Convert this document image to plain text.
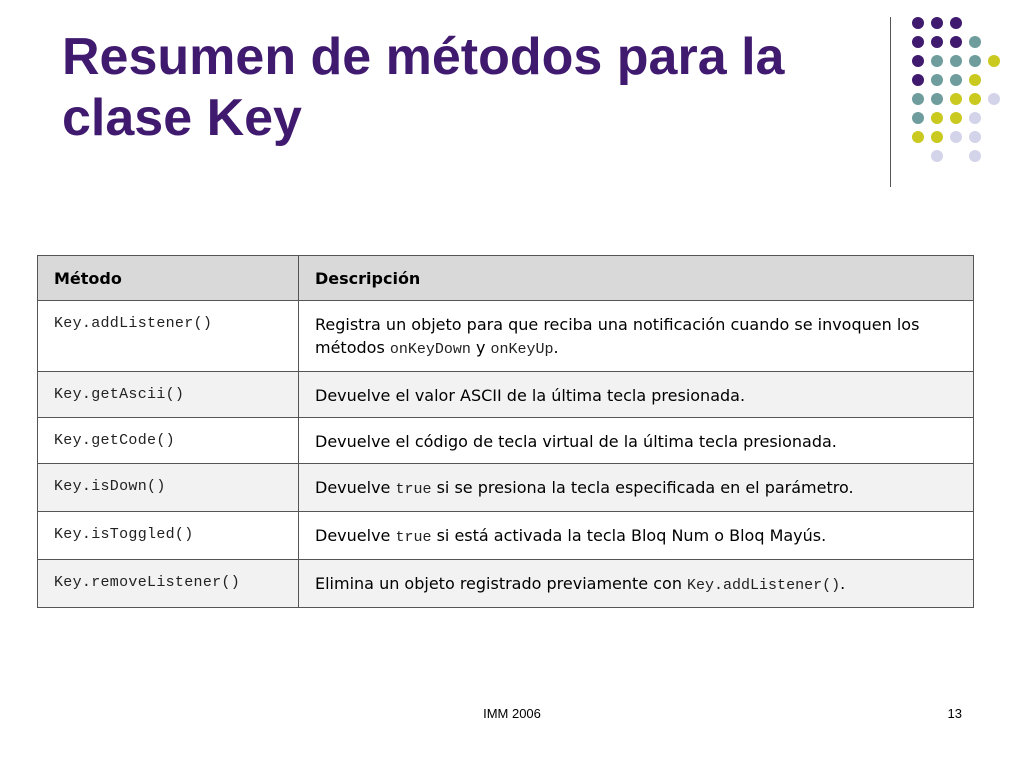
Resumen de métodos para la clase Key
Método	Descripción
Key.addListener()	Registra un objeto para que reciba una notificación cuando se invoquen los métodos onKeyDown y onKeyUp.
Key.getAscii()	Devuelve el valor ASCII de la última tecla presionada.
Key.getCode()	Devuelve el código de tecla virtual de la última tecla presionada.
Key.isDown()	Devuelve true si se presiona la tecla especificada en el parámetro.
Key.isToggled()	Devuelve true si está activada la tecla Bloq Num o Bloq Mayús.
Key.removeListener()	Elimina un objeto registrado previamente con Key.addListener().
IMM 2006	13
